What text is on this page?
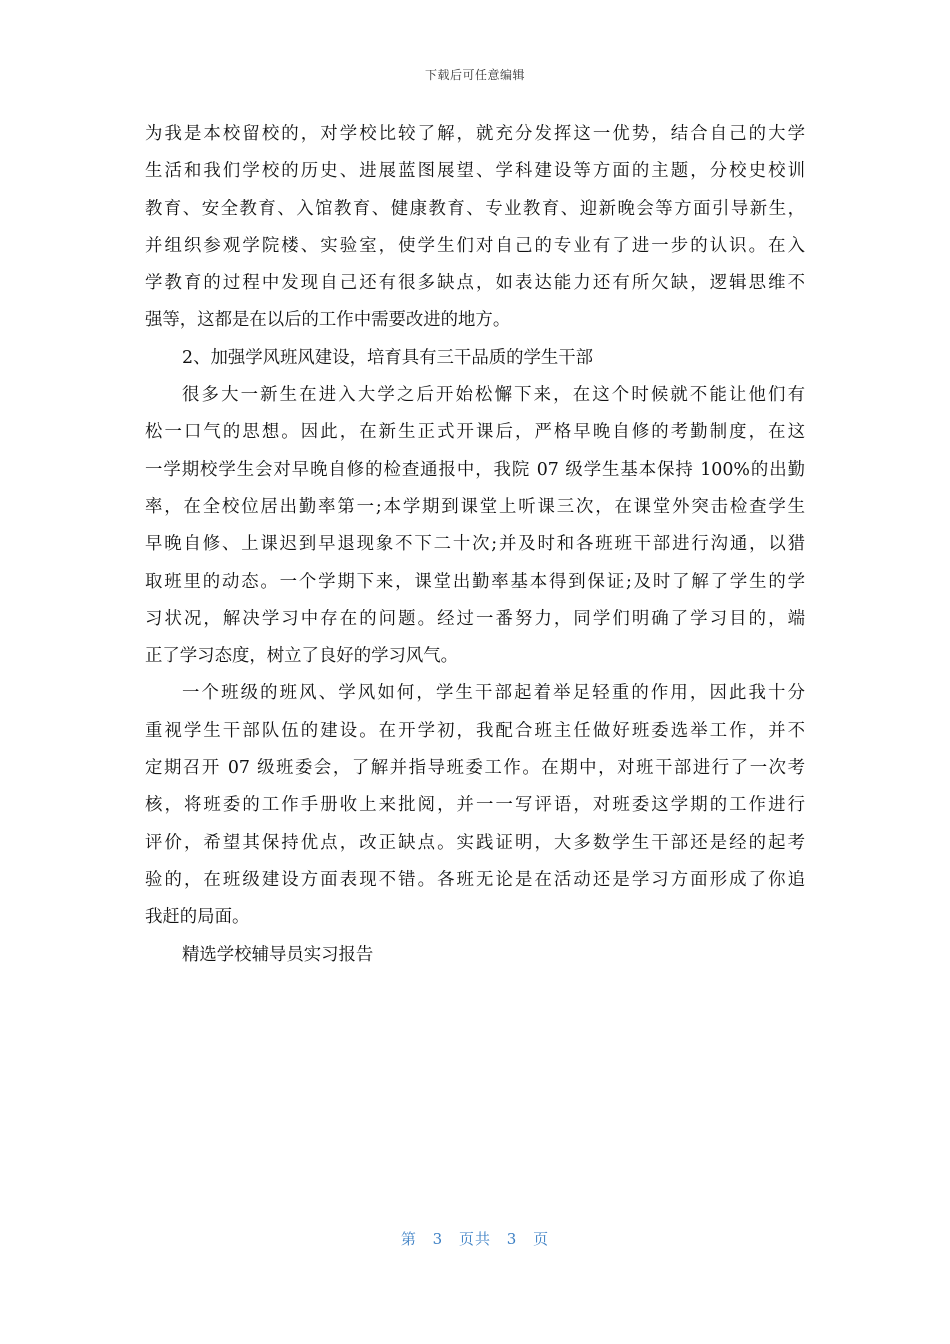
下载后可任意编辑
为我是本校留校的，对学校比较了解，就充分发挥这一优势，结合自己的大学
生活和我们学校的历史、进展蓝图展望、学科建设等方面的主题，分校史校训
教育、安全教育、入馆教育、健康教育、专业教育、迎新晚会等方面引导新生，
并组织参观学院楼、实验室，使学生们对自己的专业有了进一步的认识。在入
学教育的过程中发现自己还有很多缺点，如表达能力还有所欠缺，逻辑思维不
强等，这都是在以后的工作中需要改进的地方。
2、加强学风班风建设，培育具有三干品质的学生干部
很多大一新生在进入大学之后开始松懈下来，在这个时候就不能让他们有
松一口气的思想。因此，在新生正式开课后，严格早晚自修的考勤制度，在这
一学期校学生会对早晚自修的检查通报中，我院 07 级学生基本保持 100%的出勤
率，在全校位居出勤率第一;本学期到课堂上听课三次，在课堂外突击检查学生
早晚自修、上课迟到早退现象不下二十次;并及时和各班班干部进行沟通，以猎
取班里的动态。一个学期下来，课堂出勤率基本得到保证;及时了解了学生的学
习状况，解决学习中存在的问题。经过一番努力，同学们明确了学习目的，端
正了学习态度，树立了良好的学习风气。
一个班级的班风、学风如何，学生干部起着举足轻重的作用，因此我十分
重视学生干部队伍的建设。在开学初，我配合班主任做好班委选举工作，并不
定期召开 07 级班委会，了解并指导班委工作。在期中，对班干部进行了一次考
核，将班委的工作手册收上来批阅，并一一写评语，对班委这学期的工作进行
评价，希望其保持优点，改正缺点。实践证明，大多数学生干部还是经的起考
验的，在班级建设方面表现不错。各班无论是在活动还是学习方面形成了你追
我赶的局面。
精选学校辅导员实习报告
第 3 页共 3 页
